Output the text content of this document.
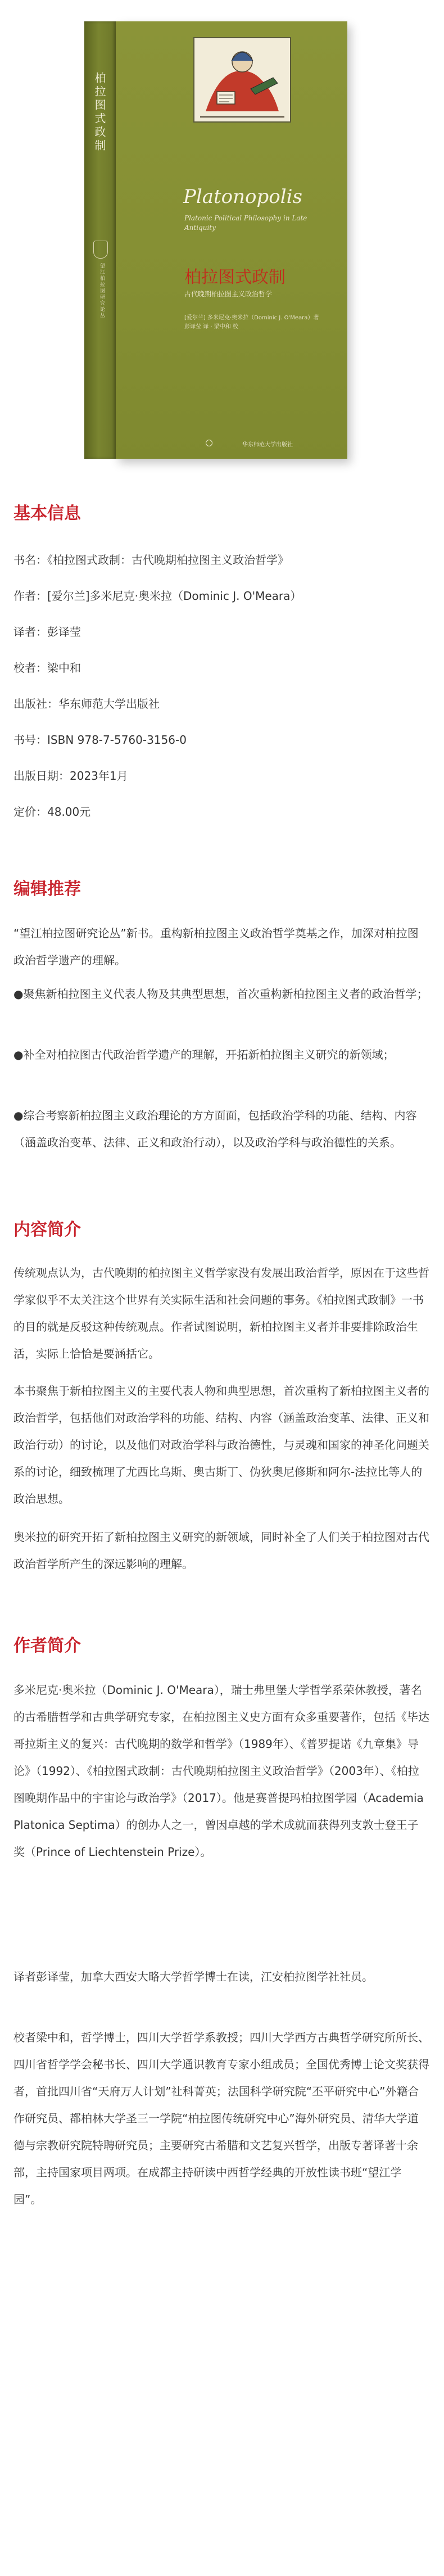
柏拉图式政制
望江柏拉图研究论丛
Platonopolis
Platonic Political Philosophy in Late Antiquity
柏拉图式政制
古代晚期柏拉图主义政治哲学
[爱尔兰] 多米尼克·奥米拉（Dominic J. O'Meara）著
彭译莹 译 · 梁中和 校
华东师范大学出版社
基本信息
书名：《柏拉图式政制：古代晚期柏拉图主义政治哲学》
作者：[爱尔兰]多米尼克·奥米拉（Dominic J. O'Meara）
译者：彭译莹
校者：梁中和
出版社：华东师范大学出版社
书号：ISBN 978-7-5760-3156-0
出版日期：2023年1月
定价：48.00元
编辑推荐

“望江柏拉图研究论丛”新书。重构新柏拉图主义政治哲学奠基之作，加深对柏拉图政治哲学遗产的理解。

●聚焦新柏拉图主义代表人物及其典型思想，首次重构新柏拉图主义者的政治哲学；

●补全对柏拉图古代政治哲学遗产的理解，开拓新柏拉图主义研究的新领域；

●综合考察新柏拉图主义政治理论的方方面面，包括政治学科的功能、结构、内容（涵盖政治变革、法律、正义和政治行动），以及政治学科与政治德性的关系。

内容简介

传统观点认为，古代晚期的柏拉图主义哲学家没有发展出政治哲学，原因在于这些哲学家似乎不太关注这个世界有关实际生活和社会问题的事务。《柏拉图式政制》一书的目的就是反驳这种传统观点。作者试图说明，新柏拉图主义者并非要排除政治生活，实际上恰恰是要涵括它。

本书聚焦于新柏拉图主义的主要代表人物和典型思想，首次重构了新柏拉图主义者的政治哲学，包括他们对政治学科的功能、结构、内容（涵盖政治变革、法律、正义和政治行动）的讨论，以及他们对政治学科与政治德性，与灵魂和国家的神圣化问题关系的讨论，细致梳理了尤西比乌斯、奥古斯丁、伪狄奥尼修斯和阿尔-法拉比等人的政治思想。

奥米拉的研究开拓了新柏拉图主义研究的新领域，同时补全了人们关于柏拉图对古代政治哲学所产生的深远影响的理解。

作者简介

多米尼克·奥米拉（Dominic J. O'Meara），瑞士弗里堡大学哲学系荣休教授，著名的古希腊哲学和古典学研究专家，在柏拉图主义史方面有众多重要著作，包括《毕达哥拉斯主义的复兴：古代晚期的数学和哲学》（1989年）、《普罗提诺《九章集》导论》（1992）、《柏拉图式政制：古代晚期柏拉图主义政治哲学》（2003年）、《柏拉图晚期作品中的宇宙论与政治学》（2017）。他是赛普提玛柏拉图学园（Academia Platonica Septima）的创办人之一，曾因卓越的学术成就而获得列支敦士登王子奖（Prince of Liechtenstein Prize）。

译者彭译莹，加拿大西安大略大学哲学博士在读，江安柏拉图学社社员。

校者梁中和，哲学博士，四川大学哲学系教授；四川大学西方古典哲学研究所所长、四川省哲学学会秘书长、四川大学通识教育专家小组成员；全国优秀博士论文奖获得者，首批四川省“天府万人计划”社科菁英；法国科学研究院“丕平研究中心”外籍合作研究员、都柏林大学圣三一学院“柏拉图传统研究中心”海外研究员、清华大学道德与宗教研究院特聘研究员；主要研究古希腊和文艺复兴哲学，出版专著译著十余部，主持国家项目两项。在成都主持研读中西哲学经典的开放性读书班“望江学园”。
